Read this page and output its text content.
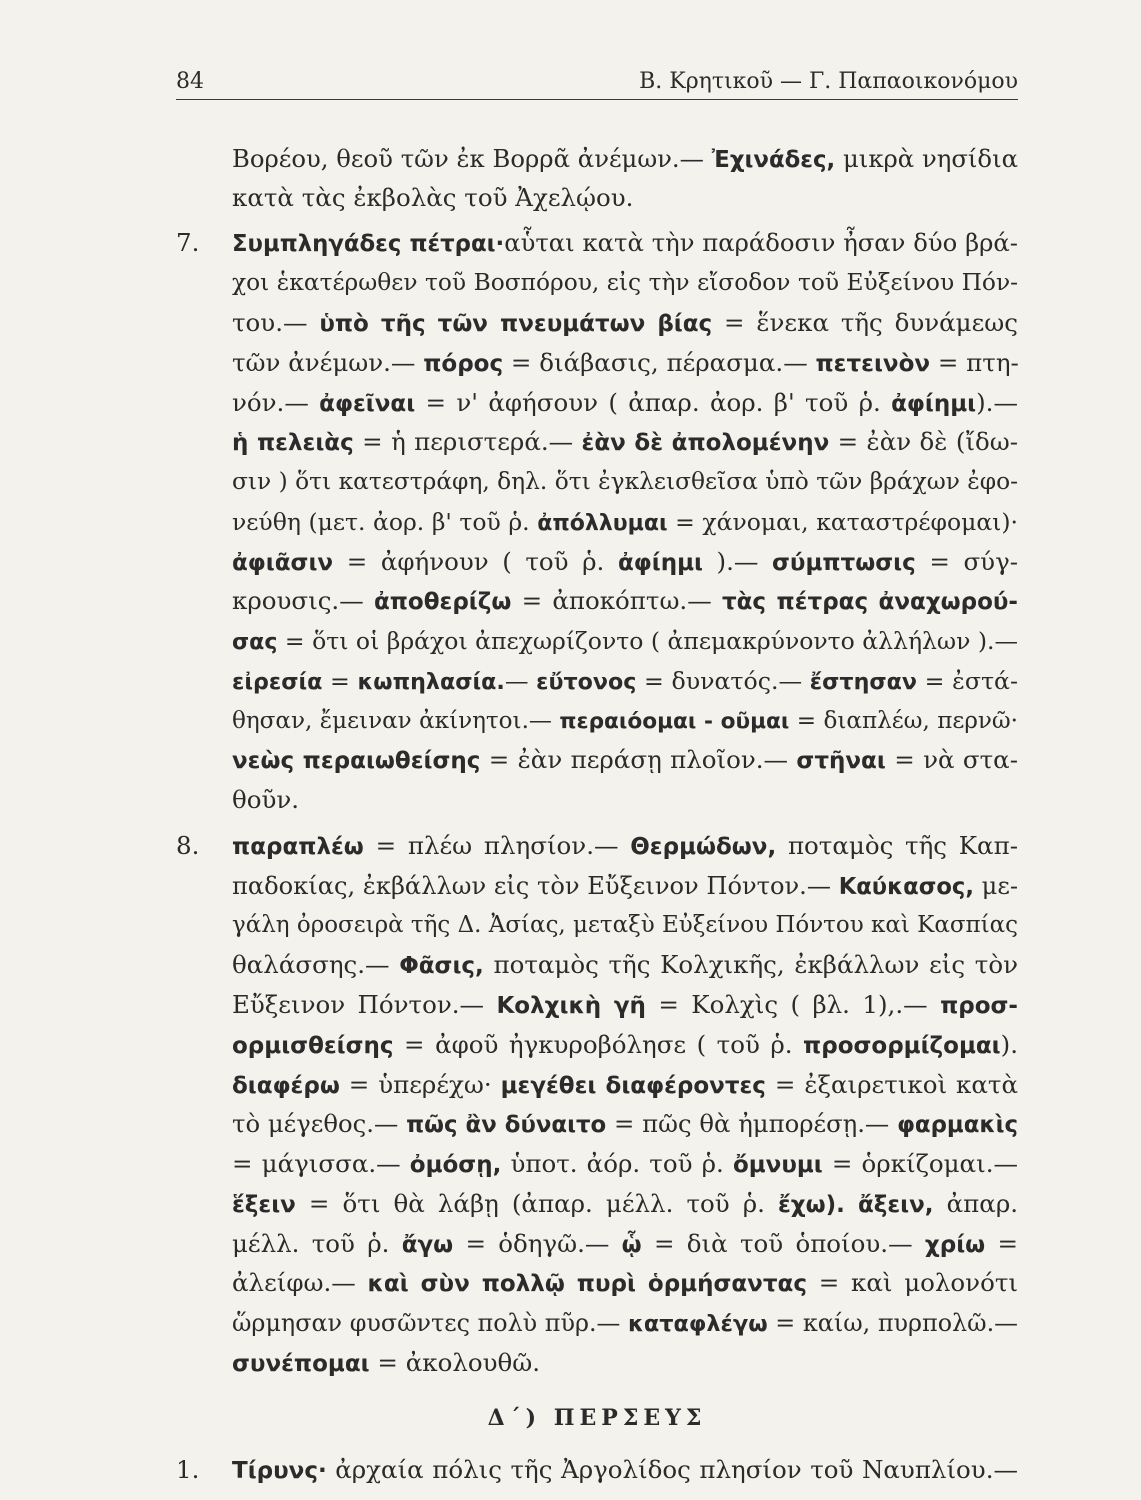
84	Β. Κρητικοῦ — Γ. Παπαοικονόμου
Βορέου, θεοῦ τῶν ἐκ Βορρᾶ ἀνέμων.— Ἐχινάδες, μικρὰ νησίδια
κατὰ τὰς ἐκβολὰς τοῦ Ἀχελῴου.
7.	Συμπληγάδες πέτραι·αὗται κατὰ τὴν παράδοσιν ἦσαν δύο βρά-
χοι ἑκατέρωθεν τοῦ Βοσπόρου, εἰς τὴν εἴσοδον τοῦ Εὐξείνου Πόν-
του.— ὑπὸ τῆς τῶν πνευμάτων βίας = ἕνεκα τῆς δυνάμεως
τῶν ἀνέμων.— πόρος = διάβασις, πέρασμα.— πετεινὸν = πτη-
νόν.— ἀφεῖναι = ν' ἀφήσουν ( ἀπαρ. ἀορ. β' τοῦ ῥ. ἀφίημι).—
ἡ πελειὰς = ἡ περιστερά.— ἐὰν δὲ ἀπολομένην = ἐὰν δὲ (ἴδω-
σιν ) ὅτι κατεστράφη, δηλ. ὅτι ἐγκλεισθεῖσα ὑπὸ τῶν βράχων ἐφο-
νεύθη (μετ. ἀορ. β' τοῦ ῥ. ἀπόλλυμαι = χάνομαι, καταστρέφομαι)·
ἀφιᾶσιν = ἀφήνουν ( τοῦ ῥ. ἀφίημι ).— σύμπτωσις = σύγ-
κρουσις.— ἀποθερίζω = ἀποκόπτω.— τὰς πέτρας ἀναχωρού-
σας = ὅτι οἱ βράχοι ἀπεχωρίζοντο ( ἀπεμακρύνοντο ἀλλήλων ).—
εἰρεσία = κωπηλασία.— εὔτονος = δυνατός.— ἔστησαν = ἐστά-
θησαν, ἔμειναν ἀκίνητοι.— περαιόομαι - οῦμαι = διαπλέω, περνῶ·
νεὼς περαιωθείσης = ἐὰν περάσῃ πλοῖον.— στῆναι = νὰ στα-
θοῦν.
8.	παραπλέω = πλέω πλησίον.— Θερμώδων, ποταμὸς τῆς Καπ-
παδοκίας, ἐκβάλλων εἰς τὸν Εὔξεινον Πόντον.— Καύκασος, με-
γάλη ὀροσειρὰ τῆς Δ. Ἀσίας, μεταξὺ Εὐξείνου Πόντου καὶ Κασπίας
θαλάσσης.— Φᾶσις, ποταμὸς τῆς Κολχικῆς, ἐκβάλλων εἰς τὸν
Εὔξεινον Πόντον.— Κολχικὴ γῆ = Κολχὶς ( βλ. 1),.— προσ-
ορμισθείσης = ἀφοῦ ἠγκυροβόλησε ( τοῦ ῥ. προσορμίζομαι).
διαφέρω = ὑπερέχω· μεγέθει διαφέροντες = ἐξαιρετικοὶ κατὰ
τὸ μέγεθος.— πῶς ἂν δύναιτο = πῶς θὰ ἠμπορέσῃ.— φαρμακὶς
= μάγισσα.— ὀμόσῃ, ὑποτ. ἀόρ. τοῦ ῥ. ὄμνυμι = ὁρκίζομαι.—
ἕξειν = ὅτι θὰ λάβῃ (ἀπαρ. μέλλ. τοῦ ῥ. ἔχω). ἄξειν, ἀπαρ.
μέλλ. τοῦ ῥ. ἄγω = ὁδηγῶ.— ᾧ = διὰ τοῦ ὁποίου.— χρίω =
ἀλείφω.— καὶ σὺν πολλῷ πυρὶ ὁρμήσαντας = καὶ μολονότι
ὥρμησαν φυσῶντες πολὺ πῦρ.— καταφλέγω = καίω, πυρπολῶ.—
συνέπομαι = ἀκολουθῶ.
Δ΄) ΠΕΡΣΕΥΣ
1.	Τίρυνς· ἀρχαία πόλις τῆς Ἀργολίδος πλησίον τοῦ Ναυπλίου.—
